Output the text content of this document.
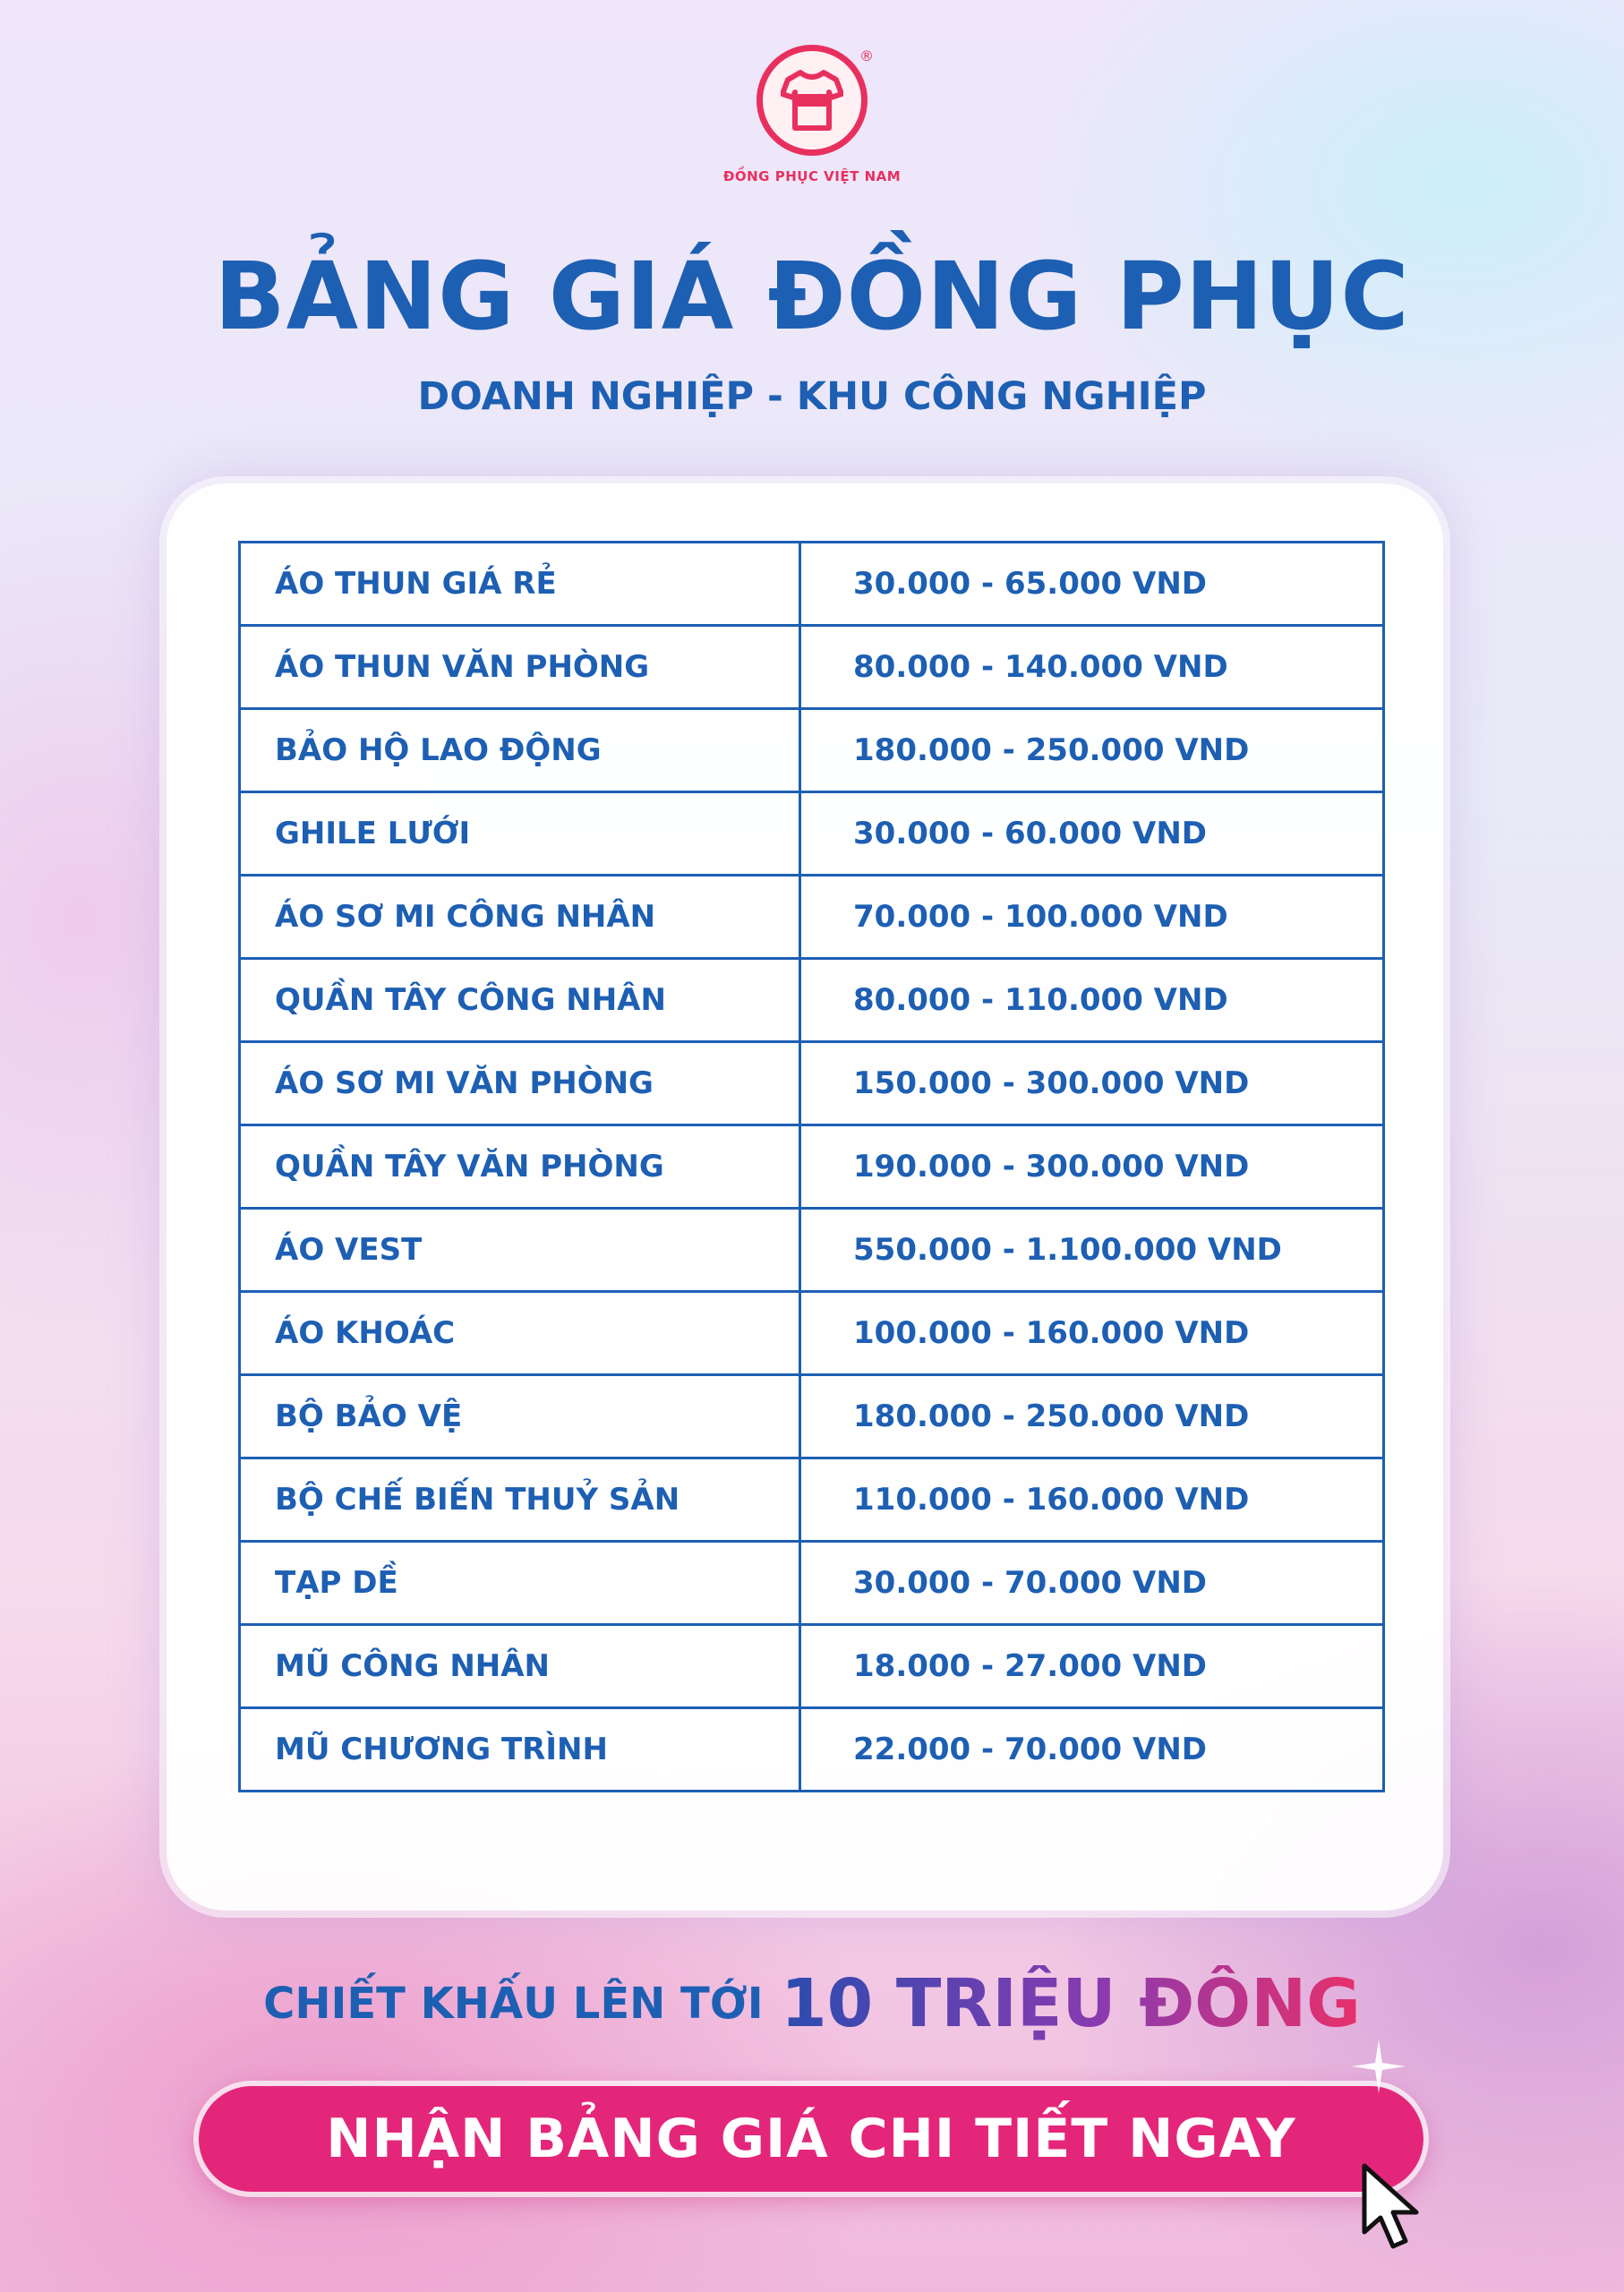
®
ĐỒNG PHỤC VIỆT NAM
BẢNG GIÁ ĐỒNG PHỤC
DOANH NGHIỆP - KHU CÔNG NGHIỆP
ÁO THUN GIÁ RẺ	30.000 - 65.000 VND
ÁO THUN VĂN PHÒNG	80.000 - 140.000 VND
BẢO HỘ LAO ĐỘNG	180.000 - 250.000 VND
GHILE LƯỚI	30.000 - 60.000 VND
ÁO SƠ MI CÔNG NHÂN	70.000 - 100.000 VND
QUẦN TÂY CÔNG NHÂN	80.000 - 110.000 VND
ÁO SƠ MI VĂN PHÒNG	150.000 - 300.000 VND
QUẦN TÂY VĂN PHÒNG	190.000 - 300.000 VND
ÁO VEST	550.000 - 1.100.000 VND
ÁO KHOÁC	100.000 - 160.000 VND
BỘ BẢO VỆ	180.000 - 250.000 VND
BỘ CHẾ BIẾN THUỶ SẢN	110.000 - 160.000 VND
TẠP DỀ	30.000 - 70.000 VND
MŨ CÔNG NHÂN	18.000 - 27.000 VND
MŨ CHƯƠNG TRÌNH	22.000 - 70.000 VND
CHIẾT KHẤU LÊN TỚI 10 TRIỆU ĐỒNG
NHẬN BẢNG GIÁ CHI TIẾT NGAY
